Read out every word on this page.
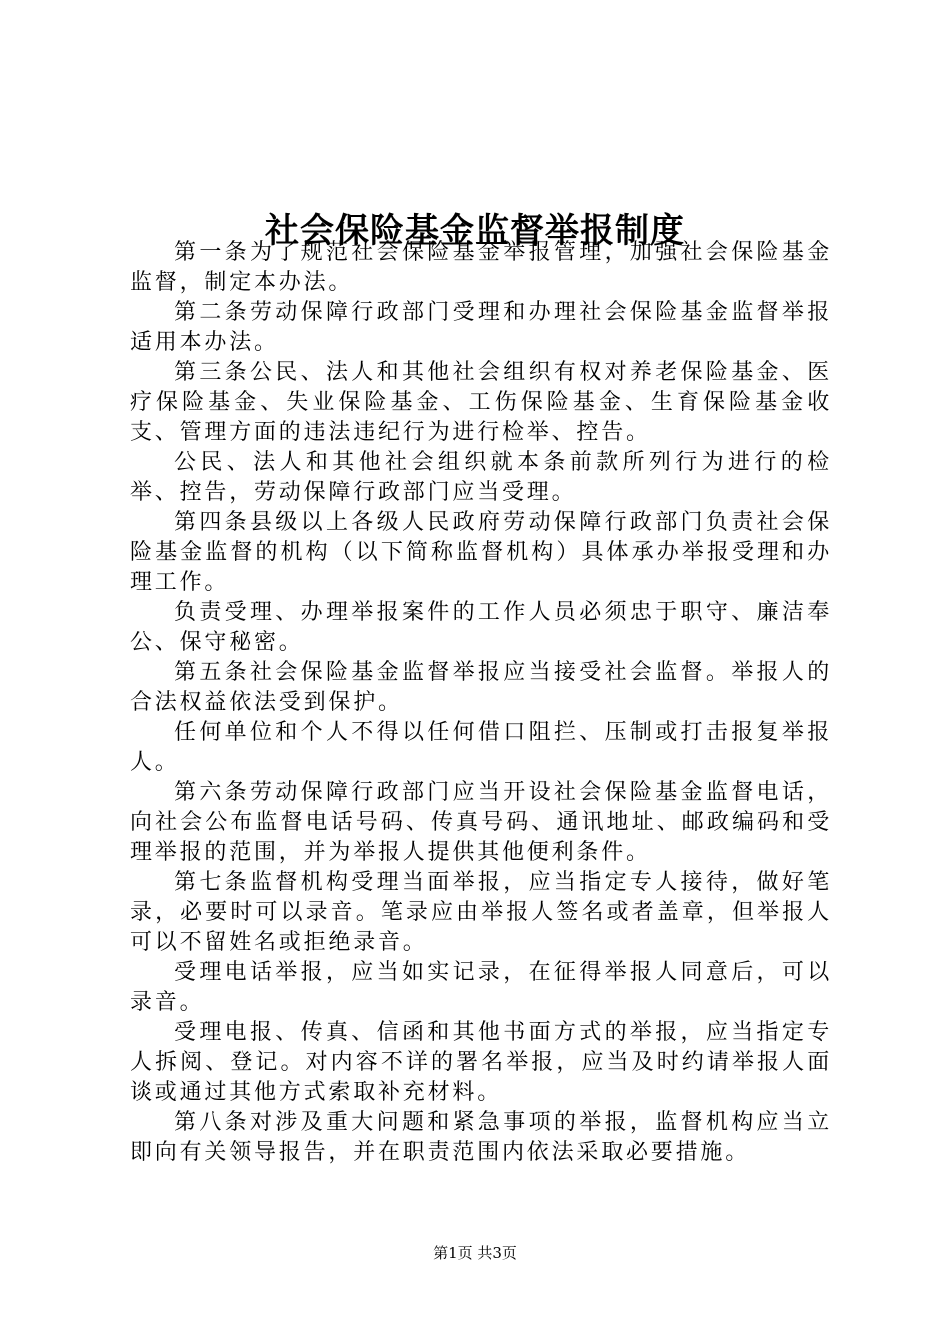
社会保险基金监督举报制度

第一条为了规范社会保险基金举报管理，加强社会保险基金监督，制定本办法。

第二条劳动保障行政部门受理和办理社会保险基金监督举报适用本办法。

第三条公民、法人和其他社会组织有权对养老保险基金、医疗保险基金、失业保险基金、工伤保险基金、生育保险基金收支、管理方面的违法违纪行为进行检举、控告。

公民、法人和其他社会组织就本条前款所列行为进行的检举、控告，劳动保障行政部门应当受理。

第四条县级以上各级人民政府劳动保障行政部门负责社会保险基金监督的机构（以下简称监督机构）具体承办举报受理和办理工作。

负责受理、办理举报案件的工作人员必须忠于职守、廉洁奉公、保守秘密。

第五条社会保险基金监督举报应当接受社会监督。举报人的合法权益依法受到保护。

任何单位和个人不得以任何借口阻拦、压制或打击报复举报人。

第六条劳动保障行政部门应当开设社会保险基金监督电话，向社会公布监督电话号码、传真号码、通讯地址、邮政编码和受理举报的范围，并为举报人提供其他便利条件。

第七条监督机构受理当面举报，应当指定专人接待，做好笔录，必要时可以录音。笔录应由举报人签名或者盖章，但举报人可以不留姓名或拒绝录音。

受理电话举报，应当如实记录，在征得举报人同意后，可以录音。

受理电报、传真、信函和其他书面方式的举报，应当指定专人拆阅、登记。对内容不详的署名举报，应当及时约请举报人面谈或通过其他方式索取补充材料。

第八条对涉及重大问题和紧急事项的举报，监督机构应当立即向有关领导报告，并在职责范围内依法采取必要措施。

第1页 共3页
